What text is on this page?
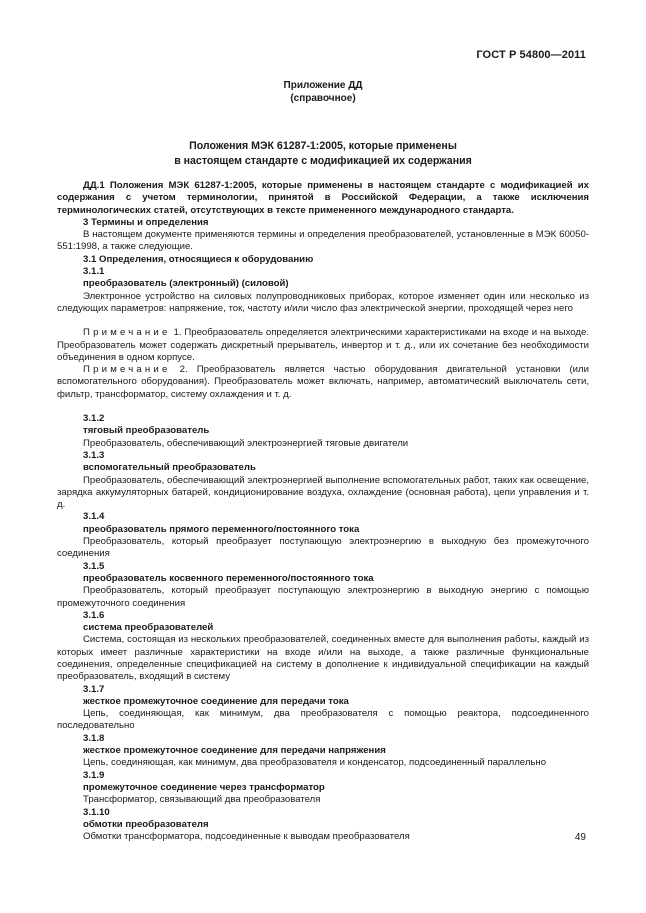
ГОСТ Р 54800—2011
Приложение ДД
(справочное)
Положения МЭК 61287-1:2005, которые применены
в настоящем стандарте с модификацией их содержания

ДД.1 Положения МЭК 61287-1:2005, которые применены в настоящем стандарте с модификацией их содержания с учетом терминологии, принятой в Российской Федерации, а также исключения терминологических статей, отсутствующих в тексте примененного международного стандарта.

3 Термины и определения

В настоящем документе применяются термины и определения преобразователей, установленные в МЭК 60050-551:1998, а также следующие.

3.1 Определения, относящиеся к оборудованию

3.1.1

преобразователь (электронный) (силовой)

Электронное устройство на силовых полупроводниковых приборах, которое изменяет один или несколько из следующих параметров: напряжение, ток, частоту и/или число фаз электрической энергии, проходящей через него

Примечание 1. Преобразователь определяется электрическими характеристиками на входе и на выходе. Преобразователь может содержать дискретный прерыватель, инвертор и т. д., или их сочетание без необходимости объединения в одном корпусе.

Примечание 2. Преобразователь является частью оборудования двигательной установки (или вспомогательного оборудования). Преобразователь может включать, например, автоматический выключатель сети, фильтр, трансформатор, систему охлаждения и т. д.

3.1.2

тяговый преобразователь

Преобразователь, обеспечивающий электроэнергией тяговые двигатели

3.1.3

вспомогательный преобразователь

Преобразователь, обеспечивающий электроэнергией выполнение вспомогательных работ, таких как освещение, зарядка аккумуляторных батарей, кондиционирование воздуха, охлаждение (основная работа), цепи управления и т. д.

3.1.4

преобразователь прямого переменного/постоянного тока

Преобразователь, который преобразует поступающую электроэнергию в выходную без промежуточного соединения

3.1.5

преобразователь косвенного переменного/постоянного тока

Преобразователь, который преобразует поступающую электроэнергию в выходную энергию с помощью промежуточного соединения

3.1.6

система преобразователей

Система, состоящая из нескольких преобразователей, соединенных вместе для выполнения работы, каждый из которых имеет различные характеристики на входе и/или на выходе, а также различные функциональные соединения, определенные спецификацией на систему в дополнение к индивидуальной спецификации на каждый преобразователь, входящий в систему

3.1.7

жесткое промежуточное соединение для передачи тока

Цепь, соединяющая, как минимум, два преобразователя с помощью реактора, подсоединенного последовательно

3.1.8

жесткое промежуточное соединение для передачи напряжения

Цепь, соединяющая, как минимум, два преобразователя и конденсатор, подсоединенный параллельно

3.1.9

промежуточное соединение через трансформатор

Трансформатор, связывающий два преобразователя

3.1.10

обмотки преобразователя

Обмотки трансформатора, подсоединенные к выводам преобразователя	49
